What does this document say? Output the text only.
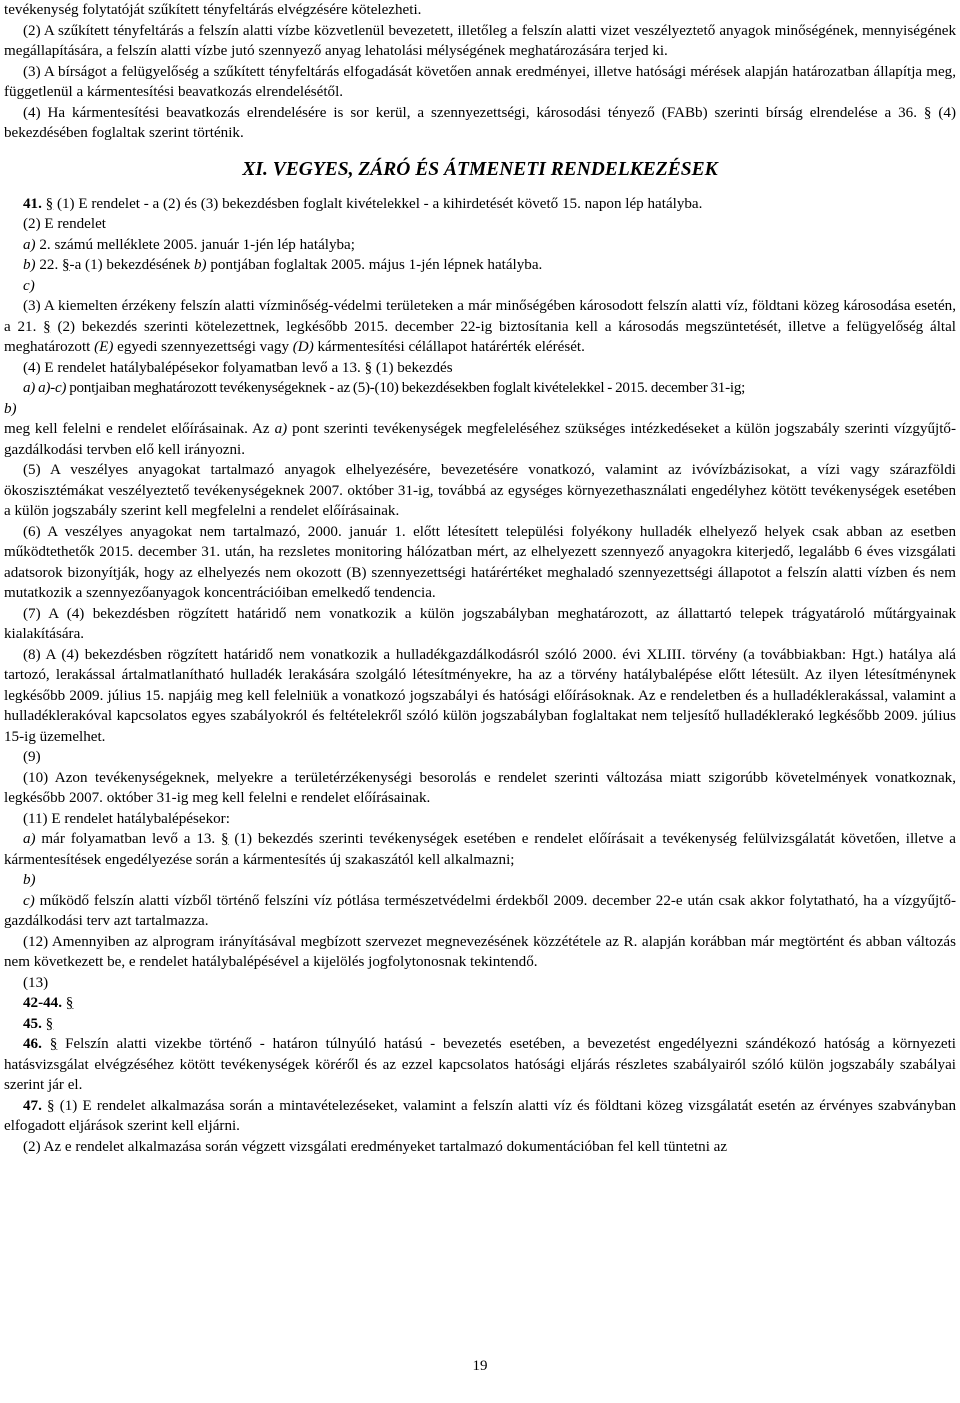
tevékenység folytatóját szűkített tényfeltárás elvégzésére kötelezheti.

(2) A szűkített tényfeltárás a felszín alatti vízbe közvetlenül bevezetett, illetőleg a felszín alatti vizet veszélyeztető anyagok minőségének, mennyiségének megállapítására, a felszín alatti vízbe jutó szennyező anyag lehatolási mélységének meghatározására terjed ki.

(3) A bírságot a felügyelőség a szűkített tényfeltárás elfogadását követően annak eredményei, illetve hatósági mérések alapján határozatban állapítja meg, függetlenül a kármentesítési beavatkozás elrendelésétől.

(4) Ha kármentesítési beavatkozás elrendelésére is sor kerül, a szennyezettségi, károsodási tényező (FABb) szerinti bírság elrendelése a 36. § (4) bekezdésében foglaltak szerint történik.

XI. VEGYES, ZÁRÓ ÉS ÁTMENETI RENDELKEZÉSEK

41. § (1) E rendelet - a (2) és (3) bekezdésben foglalt kivételekkel - a kihirdetését követő 15. napon lép hatályba.

(2) E rendelet

a) 2. számú melléklete 2005. január 1-jén lép hatályba;

b) 22. §-a (1) bekezdésének b) pontjában foglaltak 2005. május 1-jén lépnek hatályba.

c)

(3) A kiemelten érzékeny felszín alatti vízminőség-védelmi területeken a már minőségében károsodott felszín alatti víz, földtani közeg károsodása esetén, a 21. § (2) bekezdés szerinti kötelezettnek, legkésőbb 2015. december 22-ig biztosítania kell a károsodás megszüntetését, illetve a felügyelőség által meghatározott (E) egyedi szennyezettségi vagy (D) kármentesítési célállapot határérték elérését.

(4) E rendelet hatálybalépésekor folyamatban levő a 13. § (1) bekezdés

a) a)-c) pontjaiban meghatározott tevékenységeknek - az (5)-(10) bekezdésekben foglalt kivételekkel - 2015. december 31-ig;

b)

meg kell felelni e rendelet előírásainak. Az a) pont szerinti tevékenységek megfeleléséhez szükséges intézkedéseket a külön jogszabály szerinti vízgyűjtő-gazdálkodási tervben elő kell irányozni.

(5) A veszélyes anyagokat tartalmazó anyagok elhelyezésére, bevezetésére vonatkozó, valamint az ivóvízbázisokat, a vízi vagy szárazföldi ökoszisztémákat veszélyeztető tevékenységeknek 2007. október 31-ig, továbbá az egységes környezethasználati engedélyhez kötött tevékenységek esetében a külön jogszabály szerint kell megfelelni a rendelet előírásainak.

(6) A veszélyes anyagokat nem tartalmazó, 2000. január 1. előtt létesített települési folyékony hulladék elhelyező helyek csak abban az esetben működtethetők 2015. december 31. után, ha rezsletes monitoring hálózatban mért, az elhelyezett szennyező anyagokra kiterjedő, legalább 6 éves vizsgálati adatsorok bizonyítják, hogy az elhelyezés nem okozott (B) szennyezettségi határértéket meghaladó szennyezettségi állapotot a felszín alatti vízben és nem mutatkozik a szennyezőanyagok koncentrációiban emelkedő tendencia.

(7) A (4) bekezdésben rögzített határidő nem vonatkozik a külön jogszabályban meghatározott, az állattartó telepek trágyatároló műtárgyainak kialakítására.

(8) A (4) bekezdésben rögzített határidő nem vonatkozik a hulladékgazdálkodásról szóló 2000. évi XLIII. törvény (a továbbiakban: Hgt.) hatálya alá tartozó, lerakással ártalmatlanítható hulladék lerakására szolgáló létesítményekre, ha az a törvény hatálybalépése előtt létesült. Az ilyen létesítménynek legkésőbb 2009. július 15. napjáig meg kell felelniük a vonatkozó jogszabályi és hatósági előírásoknak. Az e rendeletben és a hulladéklerakással, valamint a hulladéklerakóval kapcsolatos egyes szabályokról és feltételekről szóló külön jogszabályban foglaltakat nem teljesítő hulladéklerakó legkésőbb 2009. július 15-ig üzemelhet.

(9)

(10) Azon tevékenységeknek, melyekre a területérzékenységi besorolás e rendelet szerinti változása miatt szigorúbb követelmények vonatkoznak, legkésőbb 2007. október 31-ig meg kell felelni e rendelet előírásainak.

(11) E rendelet hatálybalépésekor:

a) már folyamatban levő a 13. § (1) bekezdés szerinti tevékenységek esetében e rendelet előírásait a tevékenység felülvizsgálatát követően, illetve a kármentesítések engedélyezése során a kármentesítés új szakaszától kell alkalmazni;

b)

c) működő felszín alatti vízből történő felszíni víz pótlása természetvédelmi érdekből 2009. december 22-e után csak akkor folytatható, ha a vízgyűjtő-gazdálkodási terv azt tartalmazza.

(12) Amennyiben az alprogram irányításával megbízott szervezet megnevezésének közzététele az R. alapján korábban már megtörtént és abban változás nem következett be, e rendelet hatálybalépésével a kijelölés jogfolytonosnak tekintendő.

(13)

42-44. §

45. §

46. § Felszín alatti vizekbe történő - határon túlnyúló hatású - bevezetés esetében, a bevezetést engedélyezni szándékozó hatóság a környezeti hatásvizsgálat elvégzéséhez kötött tevékenységek köréről és az ezzel kapcsolatos hatósági eljárás részletes szabályairól szóló külön jogszabály szabályai szerint jár el.

47. § (1) E rendelet alkalmazása során a mintavételezéseket, valamint a felszín alatti víz és földtani közeg vizsgálatát esetén az érvényes szabványban elfogadott eljárások szerint kell eljárni.

(2) Az e rendelet alkalmazása során végzett vizsgálati eredményeket tartalmazó dokumentációban fel kell tüntetni az

19
